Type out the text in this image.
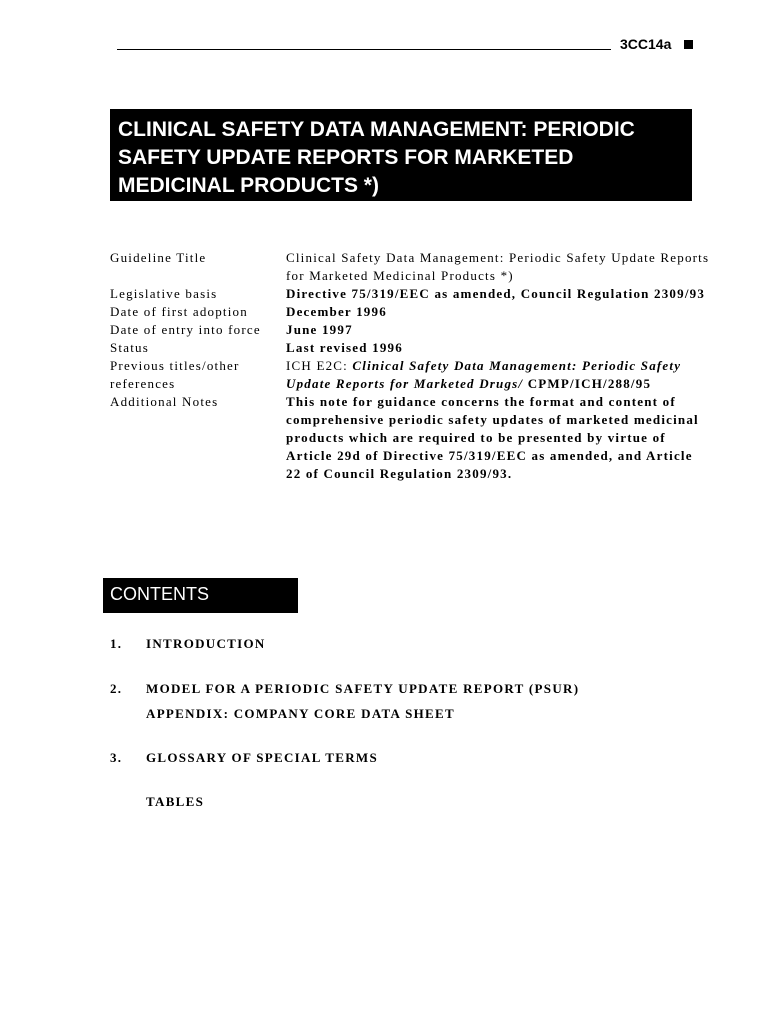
3CC14a
CLINICAL SAFETY DATA MANAGEMENT: PERIODIC
SAFETY UPDATE REPORTS FOR MARKETED
MEDICINAL PRODUCTS *)
Guideline Title	Clinical Safety Data Management: Periodic Safety Update Reports for Marketed Medicinal Products *)
Legislative basis	Directive 75/319/EEC as amended, Council Regulation 2309/93
Date of first adoption	December 1996
Date of entry into force	June 1997
Status	Last revised 1996
Previous titles/other references	ICH E2C: Clinical Safety Data Management: Periodic Safety Update Reports for Marketed Drugs/ CPMP/ICH/288/95
Additional Notes	This note for guidance concerns the format and content of comprehensive periodic safety updates of marketed medicinal products which are required to be presented by virtue of Article 29d of Directive 75/319/EEC as amended, and Article 22 of Council Regulation 2309/93.
CONTENTS
1. INTRODUCTION
2. MODEL FOR A PERIODIC SAFETY UPDATE REPORT (PSUR)
APPENDIX: COMPANY CORE DATA SHEET
3. GLOSSARY OF SPECIAL TERMS
TABLES
